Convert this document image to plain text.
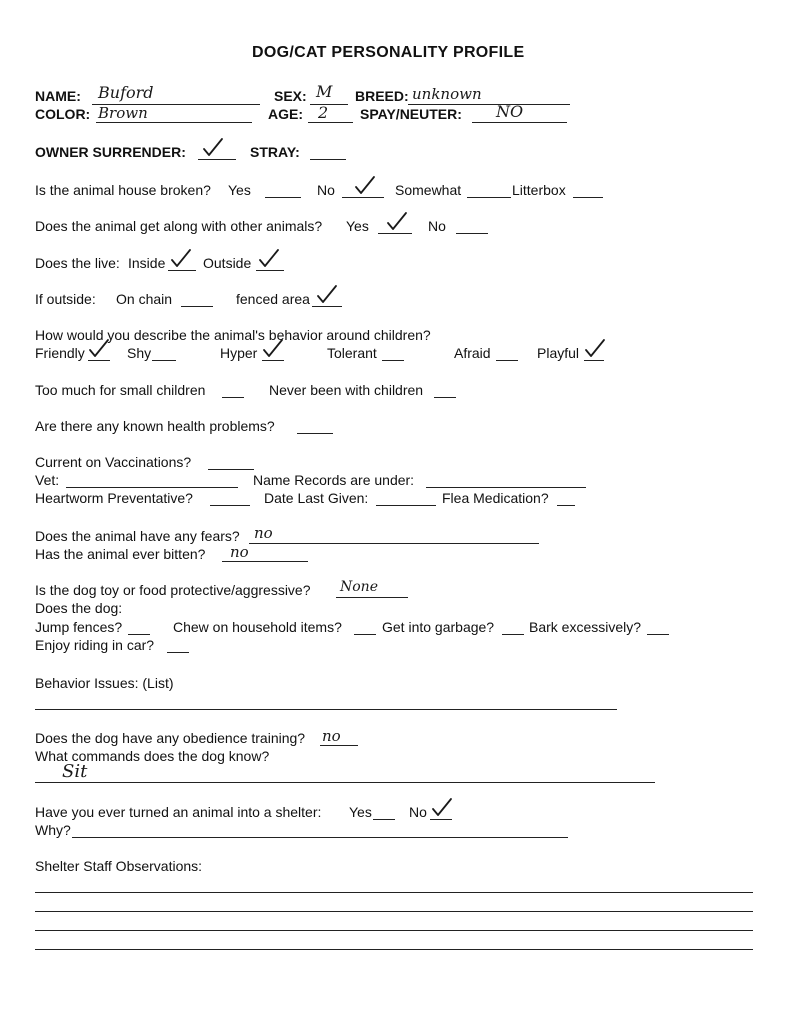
DOG/CAT PERSONALITY PROFILE
NAME: Buford	SEX: M BREED: unknown
COLOR: Brown	AGE: 2 SPAY/NEUTER: NO
OWNER SURRENDER:	STRAY:
Is the animal house broken? Yes	No	Somewhat	Litterbox
Does the animal get along with other animals? Yes	No
Does the live: Inside	Outside
If outside: On chain	fenced area
How would you describe the animal's behavior around children?
Friendly	Shy	Hyper	Tolerant	Afraid	Playful
Too much for small children	Never been with children
Are there any known health problems?
Current on Vaccinations?
Vet:	Name Records are under:
Heartworm Preventative?	Date Last Given:	Flea Medication?
Does the animal have any fears? no
Has the animal ever bitten? no
Is the dog toy or food protective/aggressive? None
Does the dog:
Jump fences?	Chew on household items?	Get into garbage? Bark excessively?
Enjoy riding in car?
Behavior Issues: (List)
Does the dog have any obedience training? no
What commands does the dog know?
Sit
Have you ever turned an animal into a shelter: Yes	No
Why?
Shelter Staff Observations:
